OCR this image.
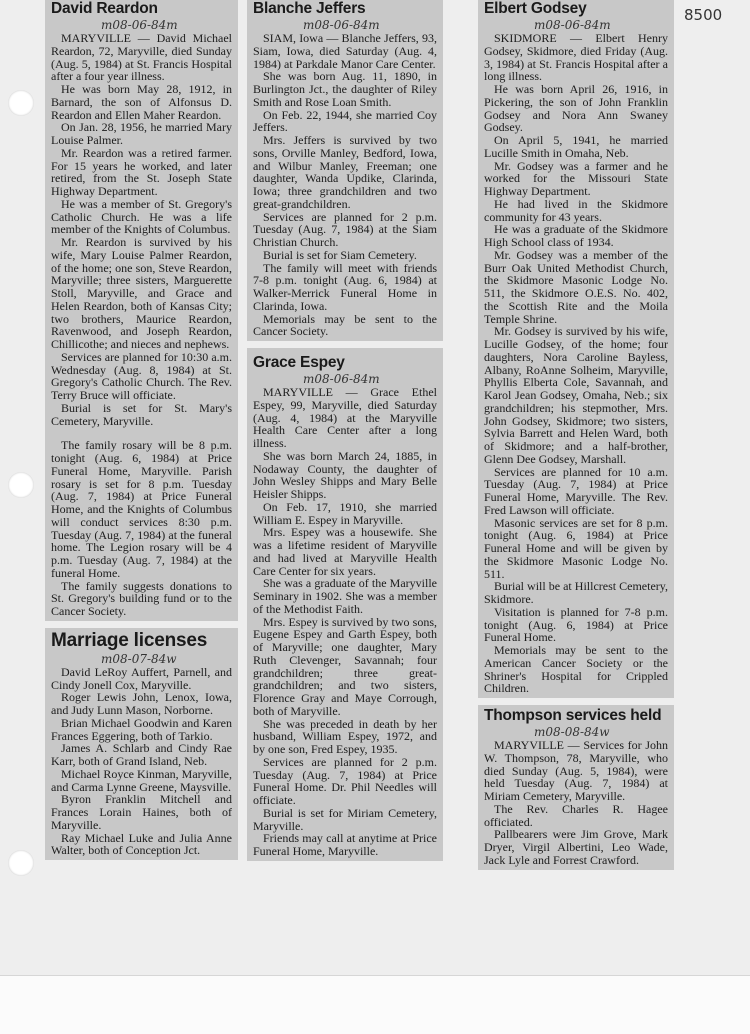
8500
David Reardon
m08-06-84m

MARYVILLE — David Michael Reardon, 72, Maryville, died Sunday (Aug. 5, 1984) at St. Francis Hospital after a four year illness.

He was born May 28, 1912, in Barnard, the son of Alfonsus D. Reardon and Ellen Maher Reardon.

On Jan. 28, 1956, he married Mary Louise Palmer.

Mr. Reardon was a retired farmer. For 15 years he worked, and later retired, from the St. Joseph State Highway Department.

He was a member of St. Gregory's Catholic Church. He was a life member of the Knights of Columbus.

Mr. Reardon is survived by his wife, Mary Louise Palmer Reardon, of the home; one son, Steve Reardon, Maryville; three sisters, Marguerette Stoll, Maryville, and Grace and Helen Reardon, both of Kansas City; two brothers, Maurice Reardon, Ravenwood, and Joseph Reardon, Chillicothe; and nieces and nephews.

Services are planned for 10:30 a.m. Wednesday (Aug. 8, 1984) at St. Gregory's Catholic Church. The Rev. Terry Bruce will officiate.

Burial is set for St. Mary's Cemetery, Maryville.

The family rosary will be 8 p.m. tonight (Aug. 6, 1984) at Price Funeral Home, Maryville. Parish rosary is set for 8 p.m. Tuesday (Aug. 7, 1984) at Price Funeral Home, and the Knights of Columbus will conduct services 8:30 p.m. Tuesday (Aug. 7, 1984) at the funeral home. The Legion rosary will be 4 p.m. Tuesday (Aug. 7, 1984) at the funeral Home.

The family suggests donations to St. Gregory's building fund or to the Cancer Society.

Marriage licenses
m08-07-84w

David LeRoy Auffert, Parnell, and Cindy Jonell Cox, Maryville.

Roger Lewis John, Lenox, Iowa, and Judy Lunn Mason, Norborne.

Brian Michael Goodwin and Karen Frances Eggering, both of Tarkio.

James A. Schlarb and Cindy Rae Karr, both of Grand Island, Neb.

Michael Royce Kinman, Maryville, and Carma Lynne Greene, Maysville.

Byron Franklin Mitchell and Frances Lorain Haines, both of Maryville.

Ray Michael Luke and Julia Anne Walter, both of Conception Jct.

Blanche Jeffers
m08-06-84m

SIAM, Iowa — Blanche Jeffers, 93, Siam, Iowa, died Saturday (Aug. 4, 1984) at Parkdale Manor Care Center.

She was born Aug. 11, 1890, in Burlington Jct., the daughter of Riley Smith and Rose Loan Smith.

On Feb. 22, 1944, she married Coy Jeffers.

Mrs. Jeffers is survived by two sons, Orville Manley, Bedford, Iowa, and Wilbur Manley, Freeman; one daughter, Wanda Updike, Clarinda, Iowa; three grandchildren and two great-grandchildren.

Services are planned for 2 p.m. Tuesday (Aug. 7, 1984) at the Siam Christian Church.

Burial is set for Siam Cemetery.

The family will meet with friends 7-8 p.m. tonight (Aug. 6, 1984) at Walker-Merrick Funeral Home in Clarinda, Iowa.

Memorials may be sent to the Cancer Society.

Grace Espey
m08-06-84m

MARYVILLE — Grace Ethel Espey, 99, Maryville, died Saturday (Aug. 4, 1984) at the Maryville Health Care Center after a long illness.

She was born March 24, 1885, in Nodaway County, the daughter of John Wesley Shipps and Mary Belle Heisler Shipps.

On Feb. 17, 1910, she married William E. Espey in Maryville.

Mrs. Espey was a housewife. She was a lifetime resident of Maryville and had lived at Maryville Health Care Center for six years.

She was a graduate of the Maryville Seminary in 1902. She was a member of the Methodist Faith.

Mrs. Espey is survived by two sons, Eugene Espey and Garth Espey, both of Maryville; one daughter, Mary Ruth Clevenger, Savannah; four grandchildren; three great-grandchildren; and two sisters, Florence Gray and Maye Corrough, both of Maryville.

She was preceded in death by her husband, William Espey, 1972, and by one son, Fred Espey, 1935.

Services are planned for 2 p.m. Tuesday (Aug. 7, 1984) at Price Funeral Home. Dr. Phil Needles will officiate.

Burial is set for Miriam Cemetery, Maryville.

Friends may call at anytime at Price Funeral Home, Maryville.

Elbert Godsey
m08-06-84m

SKIDMORE — Elbert Henry Godsey, Skidmore, died Friday (Aug. 3, 1984) at St. Francis Hospital after a long illness.

He was born April 26, 1916, in Pickering, the son of John Franklin Godsey and Nora Ann Swaney Godsey.

On April 5, 1941, he married Lucille Smith in Omaha, Neb.

Mr. Godsey was a farmer and he worked for the Missouri State Highway Department.

He had lived in the Skidmore community for 43 years.

He was a graduate of the Skidmore High School class of 1934.

Mr. Godsey was a member of the Burr Oak United Methodist Church, the Skidmore Masonic Lodge No. 511, the Skidmore O.E.S. No. 402, the Scottish Rite and the Moila Temple Shrine.

Mr. Godsey is survived by his wife, Lucille Godsey, of the home; four daughters, Nora Caroline Bayless, Albany, RoAnne Solheim, Maryville, Phyllis Elberta Cole, Savannah, and Karol Jean Godsey, Omaha, Neb.; six grandchildren; his stepmother, Mrs. John Godsey, Skidmore; two sisters, Sylvia Barrett and Helen Ward, both of Skidmore; and a half-brother, Glenn Dee Godsey, Marshall.

Services are planned for 10 a.m. Tuesday (Aug. 7, 1984) at Price Funeral Home, Maryville. The Rev. Fred Lawson will officiate.

Masonic services are set for 8 p.m. tonight (Aug. 6, 1984) at Price Funeral Home and will be given by the Skidmore Masonic Lodge No. 511.

Burial will be at Hillcrest Cemetery, Skidmore.

Visitation is planned for 7-8 p.m. tonight (Aug. 6, 1984) at Price Funeral Home.

Memorials may be sent to the American Cancer Society or the Shriner's Hospital for Crippled Children.

Thompson services held
m08-08-84w

MARYVILLE — Services for John W. Thompson, 78, Maryville, who died Sunday (Aug. 5, 1984), were held Tuesday (Aug. 7, 1984) at Miriam Cemetery, Maryville.

The Rev. Charles R. Hagee officiated.

Pallbearers were Jim Grove, Mark Dryer, Virgil Albertini, Leo Wade, Jack Lyle and Forrest Crawford.
